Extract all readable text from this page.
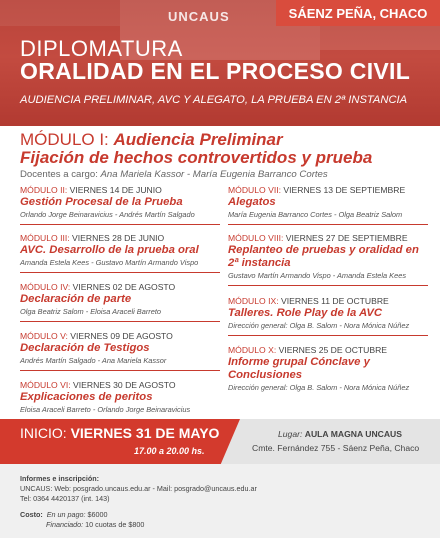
UNCAUS	SÁENZ PEÑA, CHACO
DIPLOMATURA
ORALIDAD EN EL PROCESO CIVIL
AUDIENCIA PRELIMINAR, AVC Y ALEGATO, LA PRUEBA EN 2ª INSTANCIA
MÓDULO I: Audiencia Preliminar
Fijación de hechos controvertidos y prueba
Docentes a cargo: Ana Mariela Kassor - María Eugenia Barranco Cortes
MÓDULO II: VIERNES 14 DE JUNIO
Gestión Procesal de la Prueba
Orlando Jorge Beinaravicius - Andrés Martín Salgado
MÓDULO III: VIERNES 28 DE JUNIO
AVC. Desarrollo de la prueba oral
Amanda Estela Kees - Gustavo Martín Armando Vispo
MÓDULO IV: VIERNES 02 DE AGOSTO
Declaración de parte
Olga Beatriz Salom - Eloisa Araceli Barreto
MÓDULO V: VIERNES 09 DE AGOSTO
Declaración de Testigos
Andrés Martín Salgado - Ana Mariela Kassor
MÓDULO VI: VIERNES 30 DE AGOSTO
Explicaciones de peritos
Eloisa Araceli Barreto - Orlando Jorge Beinaravicius
MÓDULO VII: VIERNES 13 DE SEPTIEMBRE
Alegatos
María Eugenia Barranco Cortes - Olga Beatriz Salom
MÓDULO VIII: VIERNES 27 DE SEPTIEMBRE
Replanteo de pruebas y oralidad en 2ª instancia
Gustavo Martín Armando Vispo - Amanda Estela Kees
MÓDULO IX: VIERNES 11 DE OCTUBRE
Talleres. Role Play de la AVC
Dirección general: Olga B. Salom - Nora Mónica Núñez
MÓDULO X: VIERNES 25 DE OCTUBRE
Informe grupal Cónclave y Conclusiones
Dirección general: Olga B. Salom - Nora Mónica Núñez
INICIO: VIERNES 31 DE MAYO
17.00 a 20.00 hs.
Lugar: AULA MAGNA UNCAUS
Cmte. Fernández 755 - Sáenz Peña, Chaco
Informes e inscripción:
UNCAUS: Web: posgrado.uncaus.edu.ar - Mail: posgrado@uncaus.edu.ar
Tel: 0364 4420137 (int. 143)
Costo: En un pago: $6000
Financiado: 10 cuotas de $800
